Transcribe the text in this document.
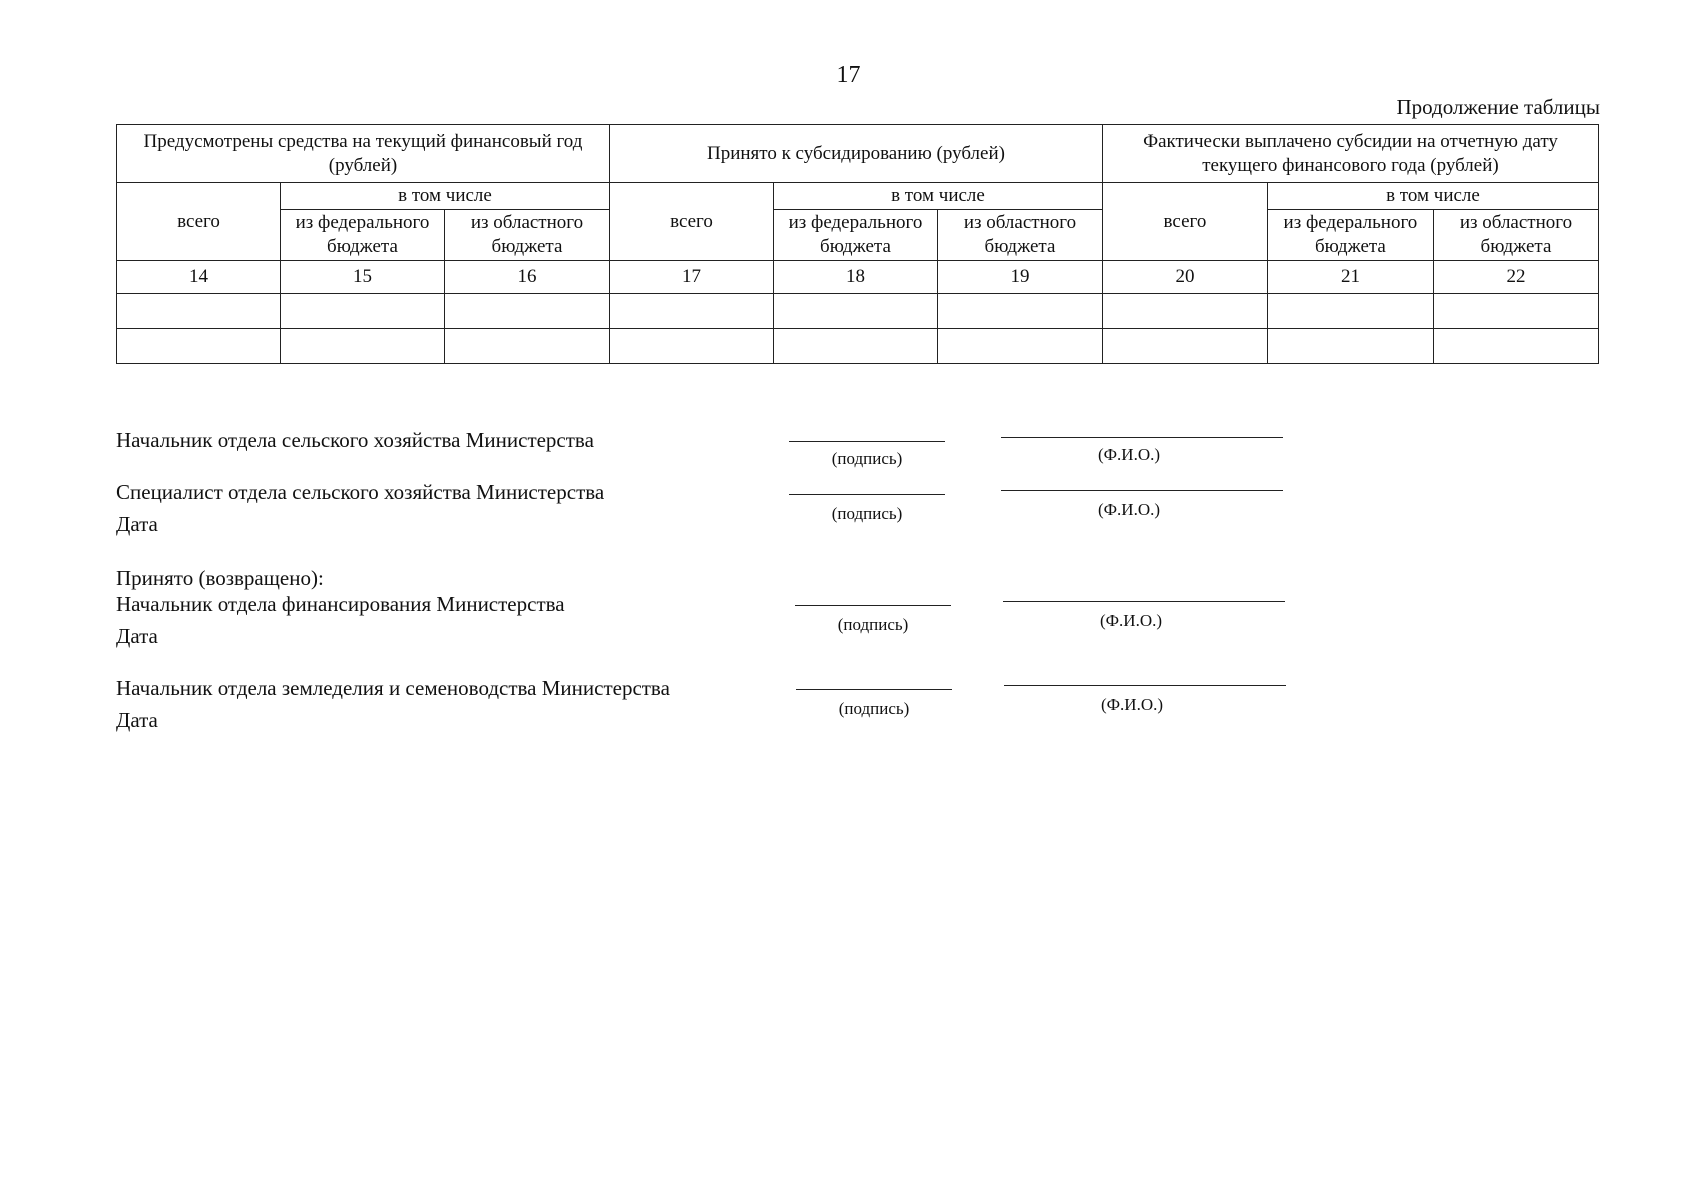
17
Продолжение таблицы
Предусмотрены средства на текущий финансовый год (рублей)			Принято к субсидированию (рублей)			Фактически выплачено субсидии на отчетную дату текущего финансового года (рублей)		
всего	в том числе		всего	в том числе		всего	в том числе	
	из федерального бюджета	из областного бюджета		из федерального бюджета	из областного бюджета		из федерального бюджета	из областного бюджета
14	15	16	17	18	19	20	21	22

Начальник отдела сельского хозяйства Министерства
(подпись)	(Ф.И.О.)
Специалист отдела сельского хозяйства Министерства
Дата	(подпись)	(Ф.И.О.)
Принято (возвращено):
Начальник отдела финансирования Министерства
Дата	(подпись)	(Ф.И.О.)
Начальник отдела земледелия и семеноводства Министерства
Дата	(подпись)	(Ф.И.О.)
